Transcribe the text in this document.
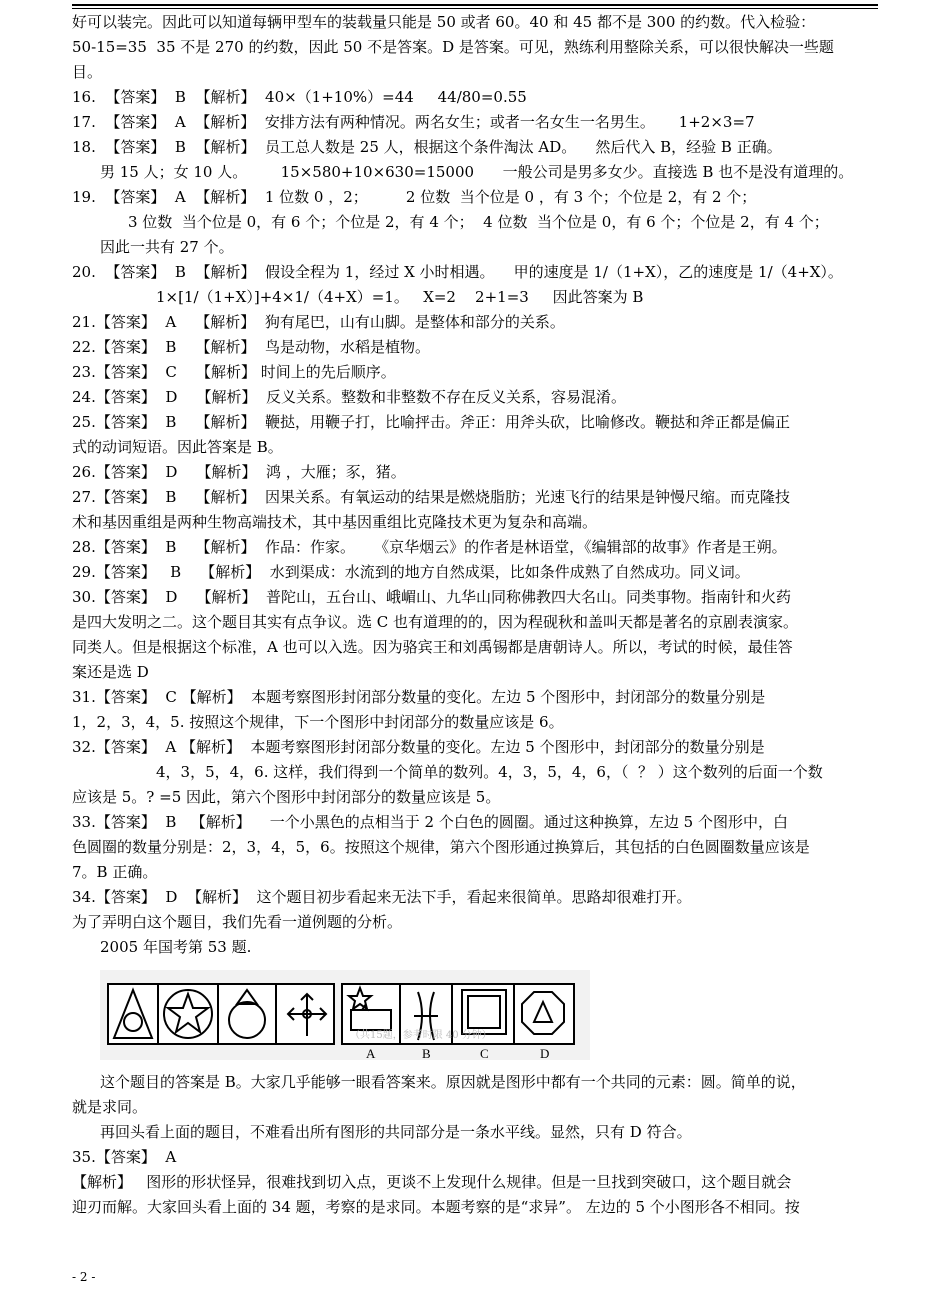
好可以装完。因此可以知道每辆甲型车的装载量只能是 50 或者 60。40 和 45 都不是 300 的约数。代入检验：

50-15=35  35 不是 270 的约数，因此 50 不是答案。D 是答案。可见，熟练利用整除关系，可以很快解决一些题

目。

16.  【答案】  B  【解析】  40×（1+10%）=44     44/80=0.55

17.  【答案】  A  【解析】  安排方法有两种情况。两名女生；或者一名女生一名男生。     1+2×3=7

18.  【答案】  B  【解析】  员工总人数是 25 人，根据这个条件淘汰 AD。    然后代入 B，经验 B 正确。

男 15 人；女 10 人。       15×580+10×630=15000      一般公司是男多女少。直接选 B 也不是没有道理的。

19.  【答案】  A  【解析】  1 位数 0 ，2；        2 位数  当个位是 0 ，有 3 个；个位是 2，有 2 个；

3 位数  当个位是 0，有 6 个；个位是 2，有 4 个；  4 位数  当个位是 0，有 6 个；个位是 2，有 4 个；

因此一共有 27 个。

20.  【答案】  B  【解析】  假设全程为 1，经过 X 小时相遇。    甲的速度是 1/（1+X），乙的速度是 1/（4+X）。

1×[1/（1+X）]+4×1/（4+X）=1。   X=2    2+1=3     因此答案为 B

21.【答案】  A    【解析】  狗有尾巴，山有山脚。是整体和部分的关系。

22.【答案】  B    【解析】  鸟是动物，水稻是植物。

23.【答案】  C    【解析】 时间上的先后顺序。

24.【答案】  D    【解析】  反义关系。整数和非整数不存在反义关系，容易混淆。

25.【答案】  B    【解析】  鞭挞，用鞭子打，比喻抨击。斧正：用斧头砍，比喻修改。鞭挞和斧正都是偏正

式的动词短语。因此答案是 B。

26.【答案】  D    【解析】  鸿 ，大雁；豕，猪。

27.【答案】  B    【解析】  因果关系。有氧运动的结果是燃烧脂肪；光速飞行的结果是钟慢尺缩。而克隆技

术和基因重组是两种生物高端技术，其中基因重组比克隆技术更为复杂和高端。

28.【答案】  B    【解析】  作品：作家。    《京华烟云》的作者是林语堂，《编辑部的故事》作者是王朔。

29.【答案】   B    【解析】  水到渠成：水流到的地方自然成渠，比如条件成熟了自然成功。同义词。

30.【答案】  D    【解析】  普陀山，五台山、峨嵋山、九华山同称佛教四大名山。同类事物。指南针和火药

是四大发明之二。这个题目其实有点争议。选 C 也有道理的的，因为程砚秋和盖叫天都是著名的京剧表演家。

同类人。但是根据这个标准，A 也可以入选。因为骆宾王和刘禹锡都是唐朝诗人。所以，考试的时候，最佳答

案还是选 D

31.【答案】  C 【解析】  本题考察图形封闭部分数量的变化。左边 5 个图形中，封闭部分的数量分别是

1，2，3，4，5. 按照这个规律，下一个图形中封闭部分的数量应该是 6。

32.【答案】  A 【解析】  本题考察图形封闭部分数量的变化。左边 5 个图形中，封闭部分的数量分别是

4，3，5，4，6. 这样，我们得到一个简单的数列。4，3，5，4，6，（  ？ ）这个数列的后面一个数

应该是 5。? =5 因此，第六个图形中封闭部分的数量应该是 5。

33.【答案】  B   【解析】    一个小黑色的点相当于 2 个白色的圆圈。通过这种换算，左边 5 个图形中，白

色圆圈的数量分别是：2，3，4，5，6。按照这个规律，第六个图形通过换算后，其包括的白色圆圈数量应该是

7。B 正确。

34.【答案】  D  【解析】  这个题目初步看起来无法下手，看起来很简单。思路却很难打开。

为了弄明白这个题目，我们先看一道例题的分析。

2005 年国考第 53 题.

（共15题，参考时限 40 分钟）
A	B	C	D

这个题目的答案是 B。大家几乎能够一眼看答案来。原因就是图形中都有一个共同的元素：圆。简单的说，

就是求同。

再回头看上面的题目，不难看出所有图形的共同部分是一条水平线。显然，只有 D 符合。

35.【答案】  A

【解析】   图形的形状怪异，很难找到切入点，更谈不上发现什么规律。但是一旦找到突破口，这个题目就会

迎刃而解。大家回头看上面的 34 题，考察的是求同。本题考察的是“求异”。 左边的 5 个小图形各不相同。按

- 2 -
